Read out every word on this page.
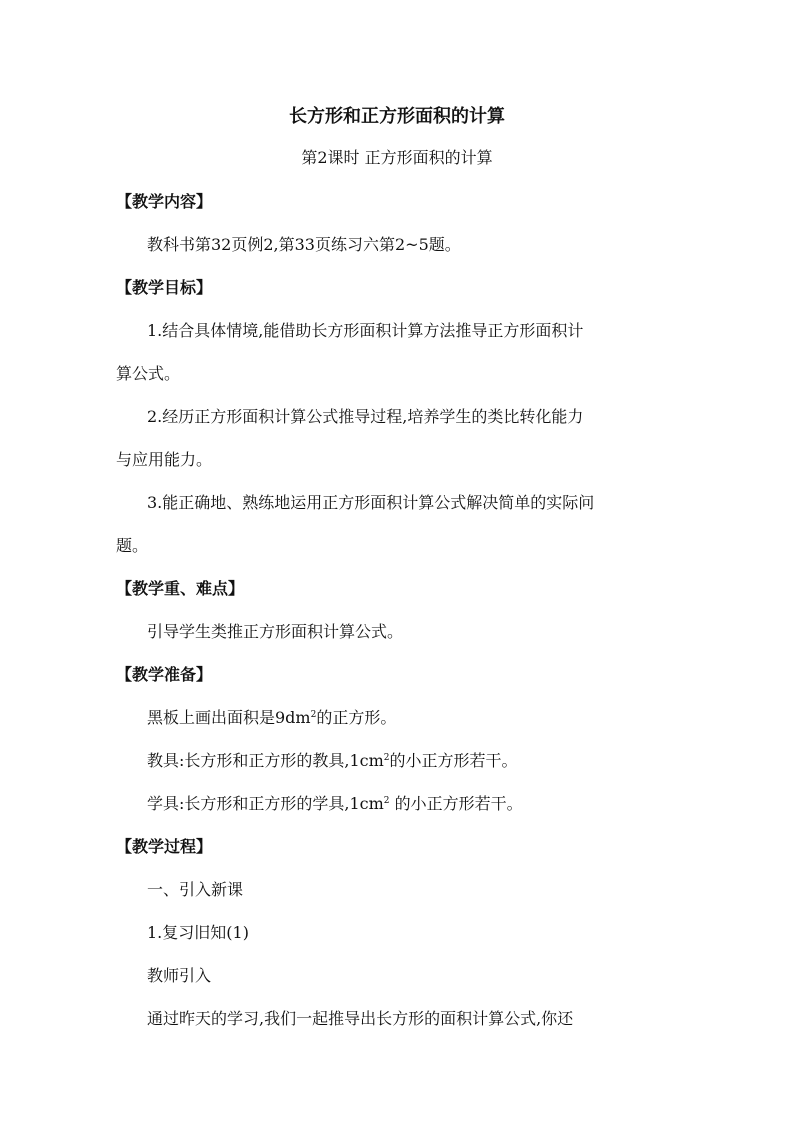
长方形和正方形面积的计算
第2课时 正方形面积的计算
【教学内容】
教科书第32页例2,第33页练习六第2~5题。
【教学目标】
1.结合具体情境,能借助长方形面积计算方法推导正方形面积计
算公式。
2.经历正方形面积计算公式推导过程,培养学生的类比转化能力
与应用能力。
3.能正确地、熟练地运用正方形面积计算公式解决简单的实际问
题。
【教学重、难点】
引导学生类推正方形面积计算公式。
【教学准备】
黑板上画出面积是$9dm^2$的正方形。
教具:长方形和正方形的教具$,1cm^2$的小正方形若干。
学具:长方形和正方形的学具$,1cm^2$ 的小正方形若干。
【教学过程】
一、引入新课
1.复习旧知(1)
教师引入
通过昨天的学习,我们一起推导出长方形的面积计算公式,你还
